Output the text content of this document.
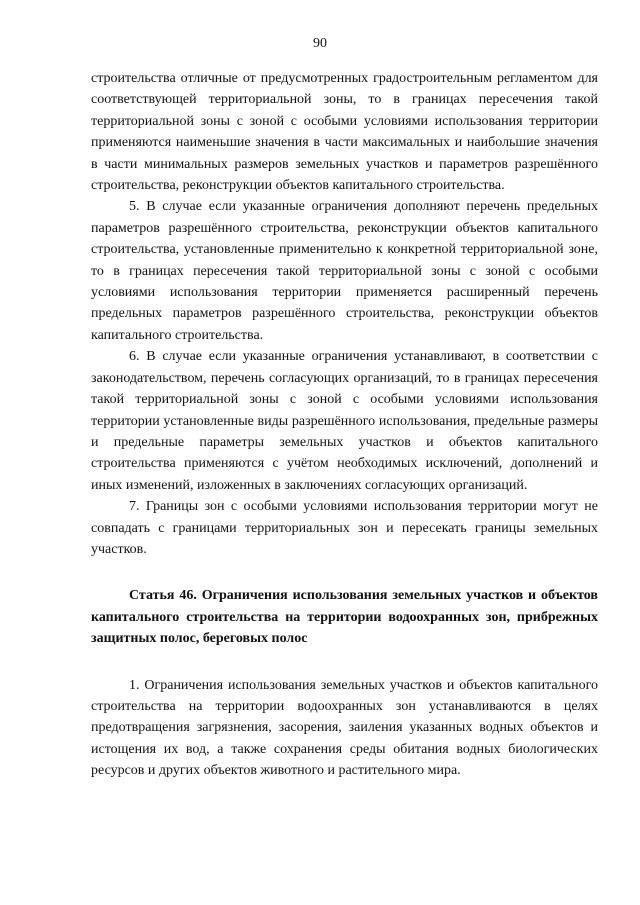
90

строительства отличные от предусмотренных градостроительным регламентом для соответствующей территориальной зоны, то в границах пересечения такой территориальной зоны с зоной с особыми условиями использования территории применяются наименьшие значения в части максимальных и наибольшие значения в части минимальных размеров земельных участков и параметров разрешённого строительства, реконструкции объектов капитального строительства.

5. В случае если указанные ограничения дополняют перечень предельных параметров разрешённого строительства, реконструкции объектов капитального строительства, установленные применительно к конкретной территориальной зоне, то в границах пересечения такой территориальной зоны с зоной с особыми условиями использования территории применяется расширенный перечень предельных параметров разрешённого строительства, реконструкции объектов капитального строительства.

6. В случае если указанные ограничения устанавливают, в соответствии с законодательством, перечень согласующих организаций, то в границах пересечения такой территориальной зоны с зоной с особыми условиями использования территории установленные виды разрешённого использования, предельные размеры и предельные параметры земельных участков и объектов капитального строительства применяются с учётом необходимых исключений, дополнений и иных изменений, изложенных в заключениях согласующих организаций.

7. Границы зон с особыми условиями использования территории могут не совпадать с границами территориальных зон и пересекать границы земельных участков.

Статья 46. Ограничения использования земельных участков и объектов капитального строительства на территории водоохранных зон, прибрежных защитных полос, береговых полос

1. Ограничения использования земельных участков и объектов капитального строительства на территории водоохранных зон устанавливаются в целях предотвращения загрязнения, засорения, заиления указанных водных объектов и истощения их вод, а также сохранения среды обитания водных биологических ресурсов и других объектов животного и растительного мира.
